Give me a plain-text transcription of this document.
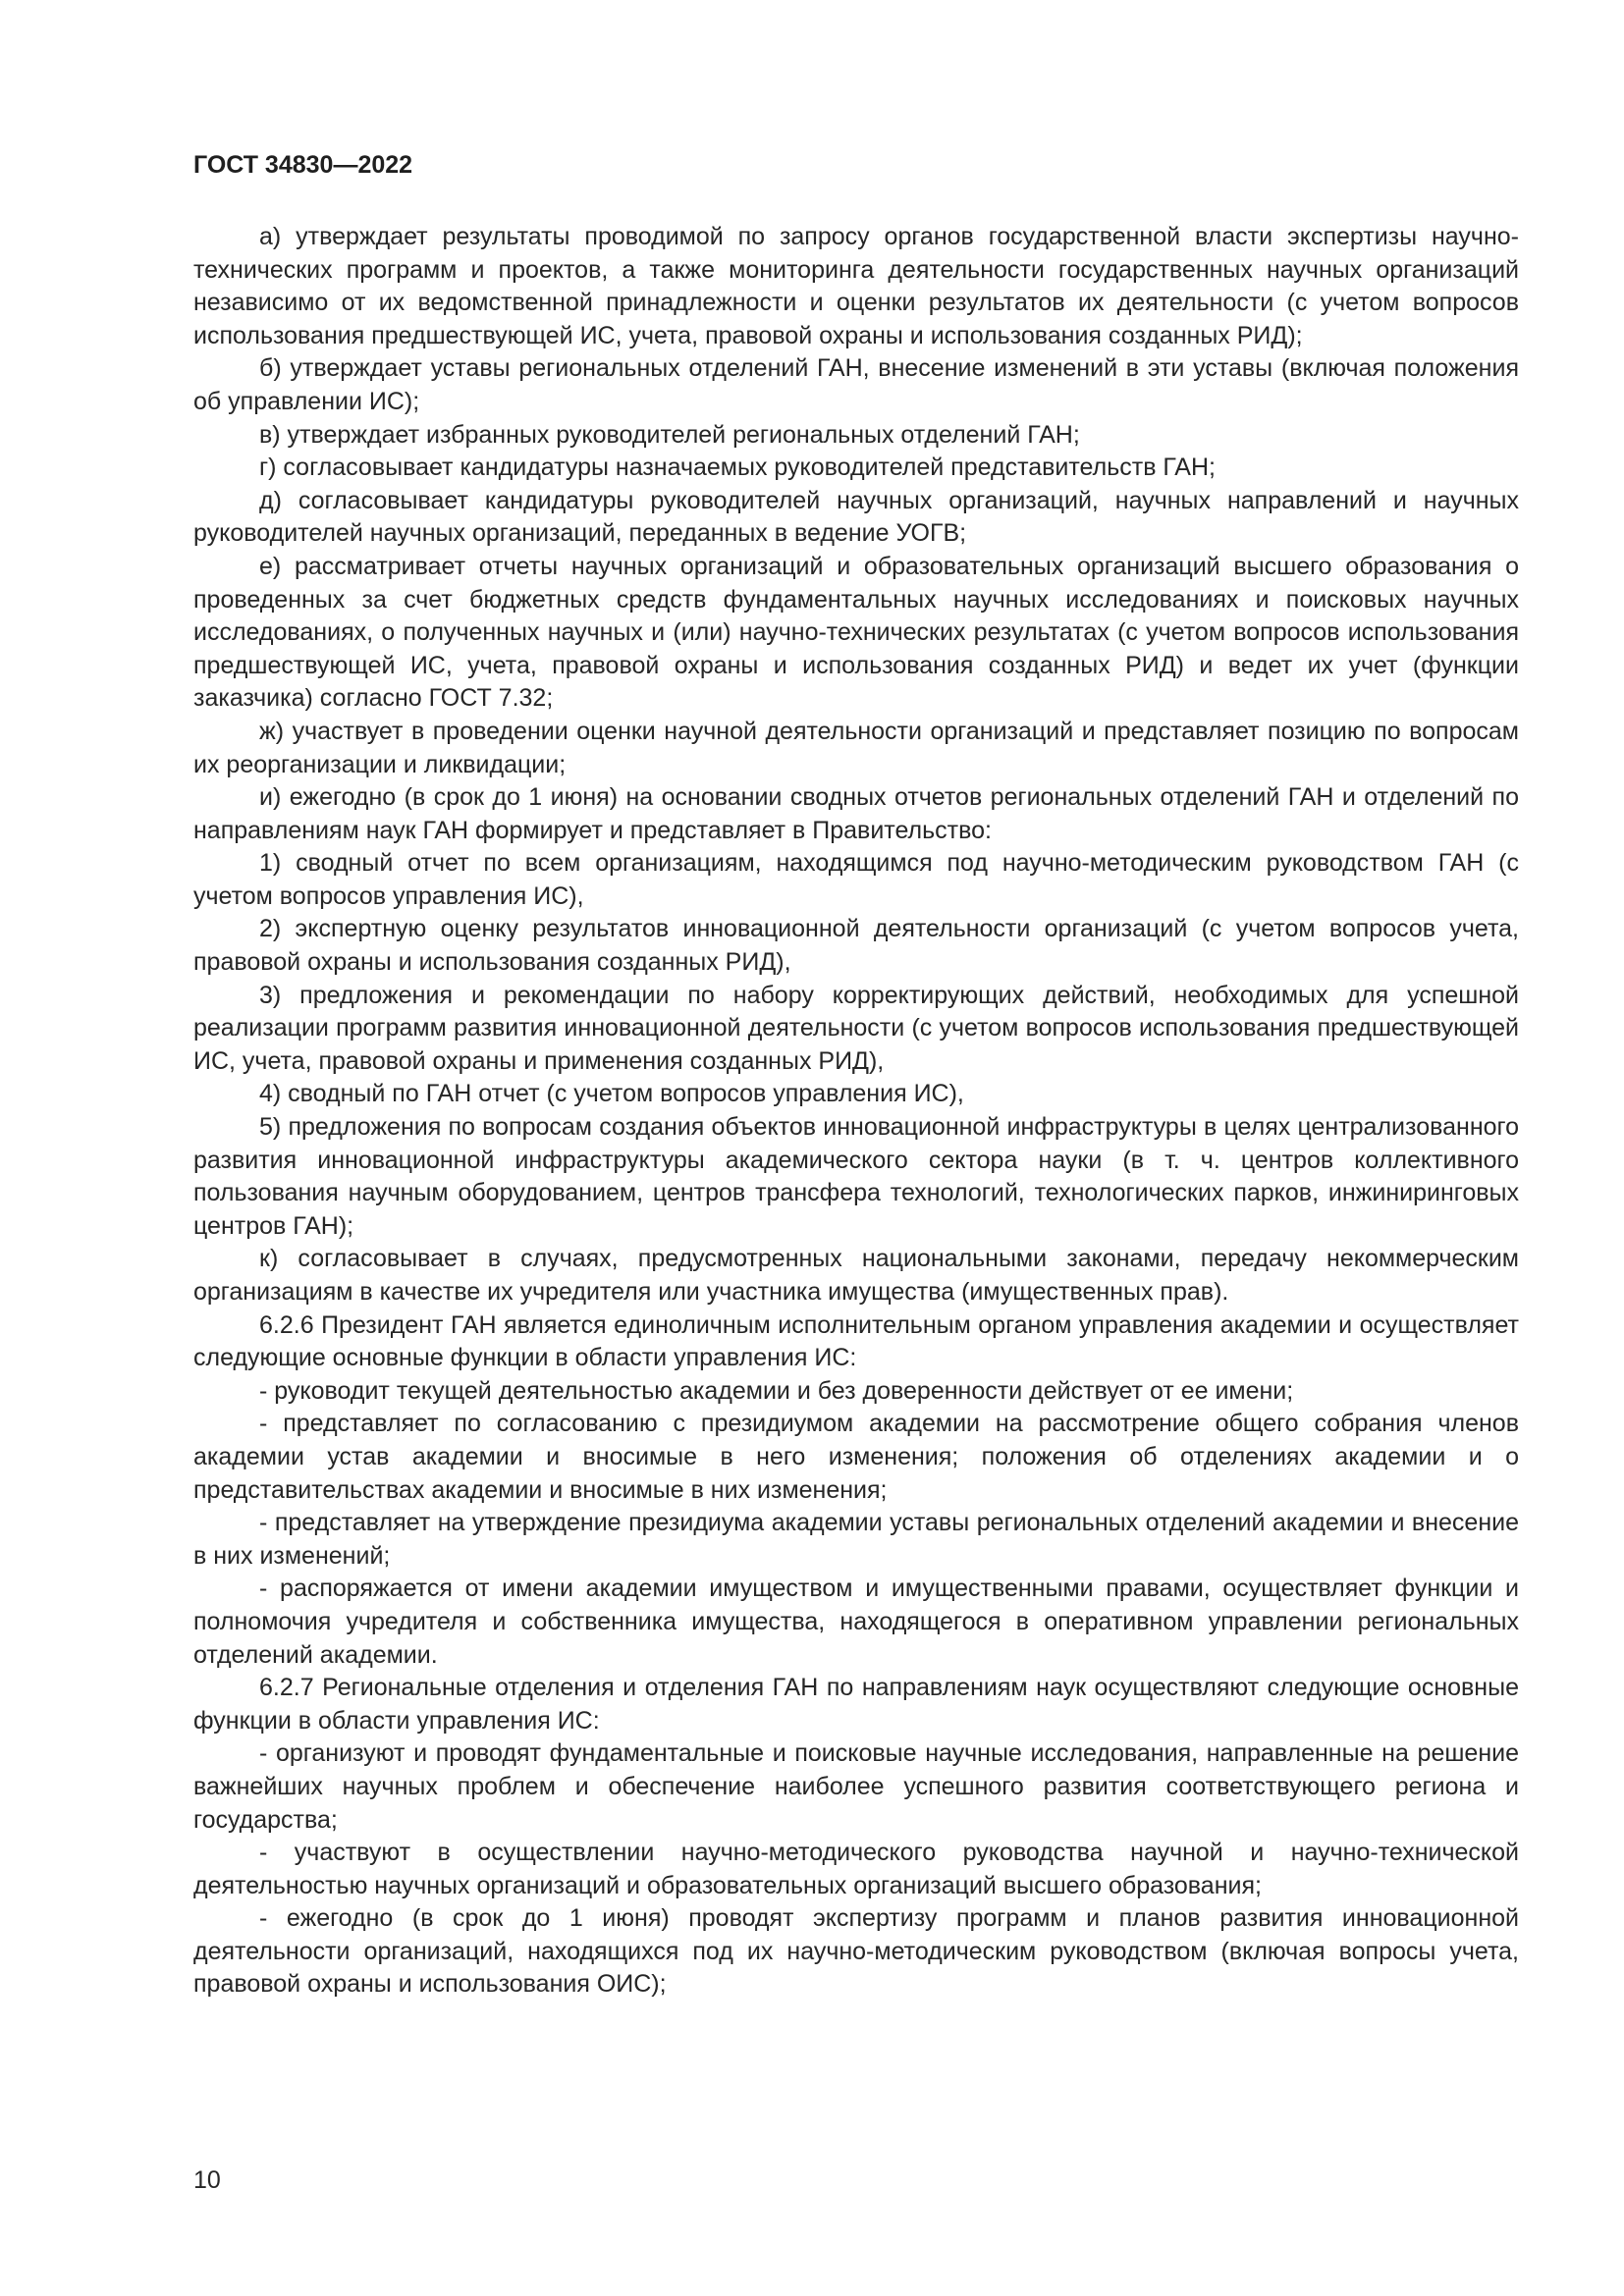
ГОСТ 34830—2022

а) утверждает результаты проводимой по запросу органов государственной власти экспертизы научно-технических программ и проектов, а также мониторинга деятельности государственных научных организаций независимо от их ведомственной принадлежности и оценки результатов их деятельности (с учетом вопросов использования предшествующей ИС, учета, правовой охраны и использования созданных РИД);

б) утверждает уставы региональных отделений ГАН, внесение изменений в эти уставы (включая положения об управлении ИС);

в) утверждает избранных руководителей региональных отделений ГАН;

г) согласовывает кандидатуры назначаемых руководителей представительств ГАН;

д) согласовывает кандидатуры руководителей научных организаций, научных направлений и научных руководителей научных организаций, переданных в ведение УОГВ;

е) рассматривает отчеты научных организаций и образовательных организаций высшего образования о проведенных за счет бюджетных средств фундаментальных научных исследованиях и поисковых научных исследованиях, о полученных научных и (или) научно-технических результатах (с учетом вопросов использования предшествующей ИС, учета, правовой охраны и использования созданных РИД) и ведет их учет (функции заказчика) согласно ГОСТ 7.32;

ж) участвует в проведении оценки научной деятельности организаций и представляет позицию по вопросам их реорганизации и ликвидации;

и) ежегодно (в срок до 1 июня) на основании сводных отчетов региональных отделений ГАН и отделений по направлениям наук ГАН формирует и представляет в Правительство:

1) сводный отчет по всем организациям, находящимся под научно-методическим руководством ГАН (с учетом вопросов управления ИС),

2) экспертную оценку результатов инновационной деятельности организаций (с учетом вопросов учета, правовой охраны и использования созданных РИД),

3) предложения и рекомендации по набору корректирующих действий, необходимых для успешной реализации программ развития инновационной деятельности (с учетом вопросов использования предшествующей ИС, учета, правовой охраны и применения созданных РИД),

4) сводный по ГАН отчет (с учетом вопросов управления ИС),

5) предложения по вопросам создания объектов инновационной инфраструктуры в целях централизованного развития инновационной инфраструктуры академического сектора науки (в т. ч. центров коллективного пользования научным оборудованием, центров трансфера технологий, технологических парков, инжиниринговых центров ГАН);

к) согласовывает в случаях, предусмотренных национальными законами, передачу некоммерческим организациям в качестве их учредителя или участника имущества (имущественных прав).

6.2.6 Президент ГАН является единоличным исполнительным органом управления академии и осуществляет следующие основные функции в области управления ИС:

- руководит текущей деятельностью академии и без доверенности действует от ее имени;

- представляет по согласованию с президиумом академии на рассмотрение общего собрания членов академии устав академии и вносимые в него изменения; положения об отделениях академии и о представительствах академии и вносимые в них изменения;

- представляет на утверждение президиума академии уставы региональных отделений академии и внесение в них изменений;

- распоряжается от имени академии имуществом и имущественными правами, осуществляет функции и полномочия учредителя и собственника имущества, находящегося в оперативном управлении региональных отделений академии.

6.2.7 Региональные отделения и отделения ГАН по направлениям наук осуществляют следующие основные функции в области управления ИС:

- организуют и проводят фундаментальные и поисковые научные исследования, направленные на решение важнейших научных проблем и обеспечение наиболее успешного развития соответствующего региона и государства;

- участвуют в осуществлении научно-методического руководства научной и научно-технической деятельностью научных организаций и образовательных организаций высшего образования;

- ежегодно (в срок до 1 июня) проводят экспертизу программ и планов развития инновационной деятельности организаций, находящихся под их научно-методическим руководством (включая вопросы учета, правовой охраны и использования ОИС);

10
